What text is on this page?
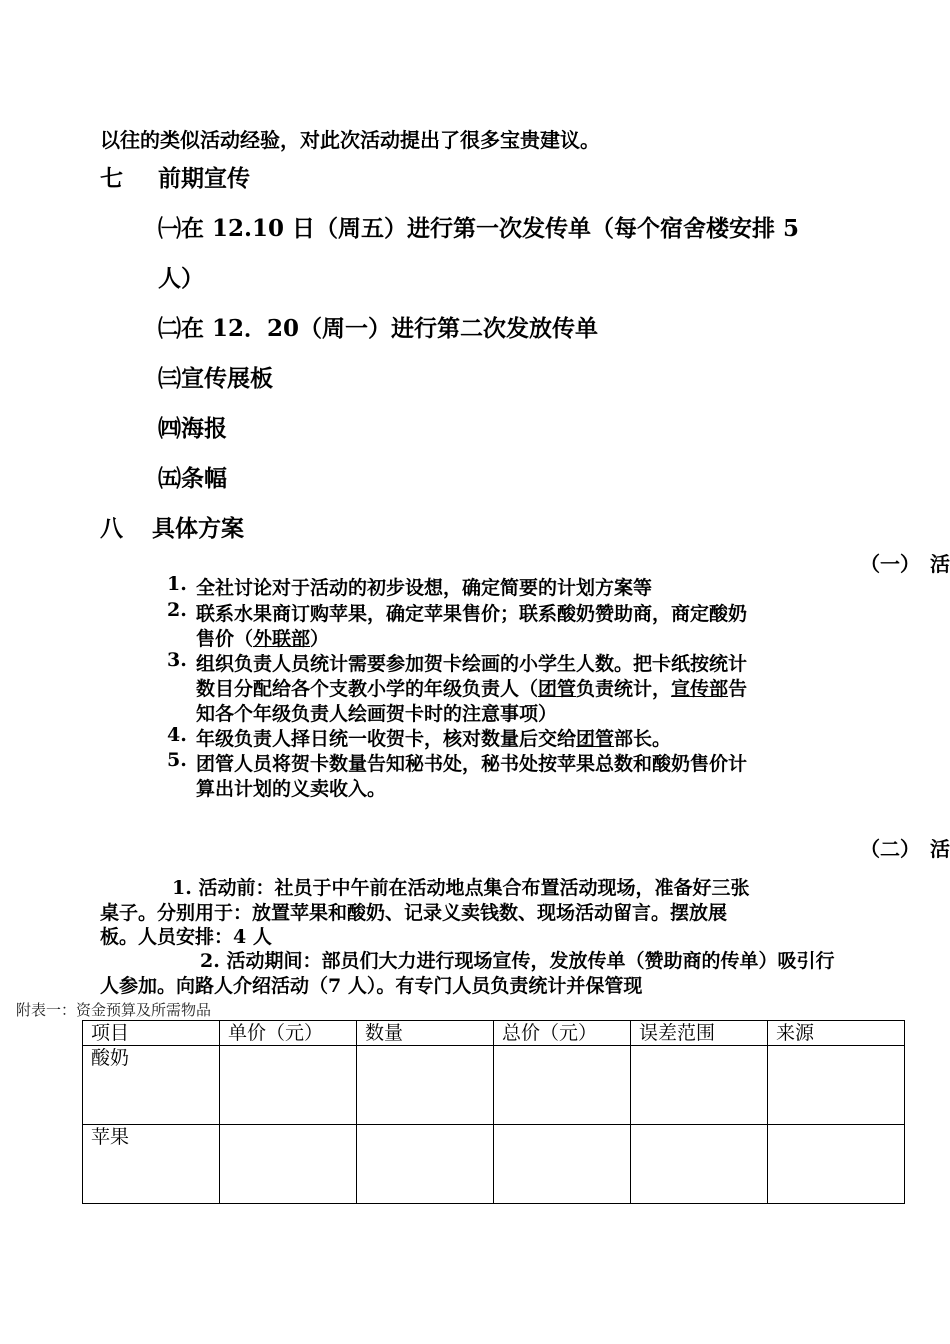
以往的类似活动经验，对此次活动提出了很多宝贵建议。
七 前期宣传
㈠在 12.10 日（周五）进行第一次发传单（每个宿舍楼安排 5
人）
㈡在 12．20（周一）进行第二次发放传单
㈢宣传展板
㈣海报
㈤条幅
八 具体方案
（一）　活
1. 全社讨论对于活动的初步设想，确定简要的计划方案等
2. 联系水果商订购苹果，确定苹果售价；联系酸奶赞助商，商定酸奶
售价（外联部）
3. 组织负责人员统计需要参加贺卡绘画的小学生人数。把卡纸按统计
数目分配给各个支教小学的年级负责人（团管负责统计，宣传部告
知各个年级负责人绘画贺卡时的注意事项）
4. 年级负责人择日统一收贺卡，核对数量后交给团管部长。
5. 团管人员将贺卡数量告知秘书处，秘书处按苹果总数和酸奶售价计
算出计划的义卖收入。
（二）　活
1. 活动前：社员于中午前在活动地点集合布置活动现场，准备好三张
桌子。分别用于：放置苹果和酸奶、记录义卖钱数、现场活动留言。摆放展
板。人员安排：4 人
2. 活动期间：部员们大力进行现场宣传，发放传单（赞助商的传单）吸引行
人参加。向路人介绍活动（7 人）。有专门人员负责统计并保管现
附表一：资金预算及所需物品
项目	单价（元）	数量	总价（元）	误差范围	来源
酸奶					
苹果					
